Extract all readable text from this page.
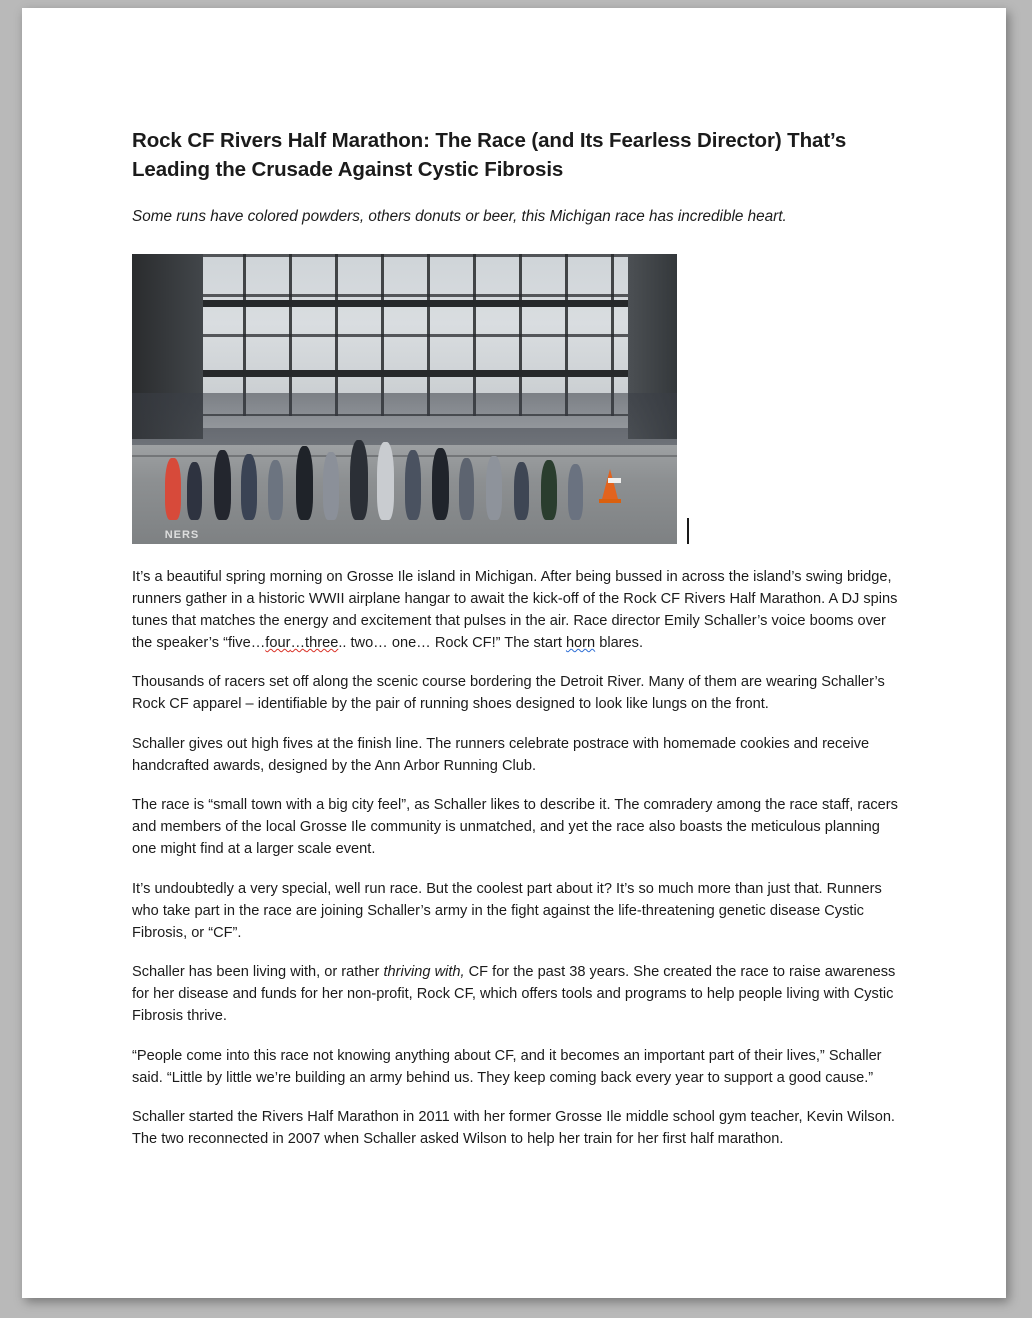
Rock CF Rivers Half Marathon: The Race (and Its Fearless Director) That’s Leading the Crusade Against Cystic Fibrosis

Some runs have colored powders, others donuts or beer, this Michigan race has incredible heart.

NERS

It’s a beautiful spring morning on Grosse Ile island in Michigan. After being bussed in across the island’s swing bridge, runners gather in a historic WWII airplane hangar to await the kick-off of the Rock CF Rivers Half Marathon. A DJ spins tunes that matches the energy and excitement that pulses in the air. Race director Emily Schaller’s voice booms over the speaker’s “five…four…three.. two… one… Rock CF!” The start horn blares.

Thousands of racers set off along the scenic course bordering the Detroit River. Many of them are wearing Schaller’s Rock CF apparel – identifiable by the pair of running shoes designed to look like lungs on the front.

Schaller gives out high fives at the finish line. The runners celebrate postrace with homemade cookies and receive handcrafted awards, designed by the Ann Arbor Running Club.

The race is “small town with a big city feel”, as Schaller likes to describe it. The comradery among the race staff, racers and members of the local Grosse Ile community is unmatched, and yet the race also boasts the meticulous planning one might find at a larger scale event.

It’s undoubtedly a very special, well run race. But the coolest part about it? It’s so much more than just that. Runners who take part in the race are joining Schaller’s army in the fight against the life-threatening genetic disease Cystic Fibrosis, or “CF”.

Schaller has been living with, or rather thriving with, CF for the past 38 years. She created the race to raise awareness for her disease and funds for her non-profit, Rock CF, which offers tools and programs to help people living with Cystic Fibrosis thrive.

“People come into this race not knowing anything about CF, and it becomes an important part of their lives,” Schaller said. “Little by little we’re building an army behind us. They keep coming back every year to support a good cause.”

Schaller started the Rivers Half Marathon in 2011 with her former Grosse Ile middle school gym teacher, Kevin Wilson. The two reconnected in 2007 when Schaller asked Wilson to help her train for her first half marathon.
